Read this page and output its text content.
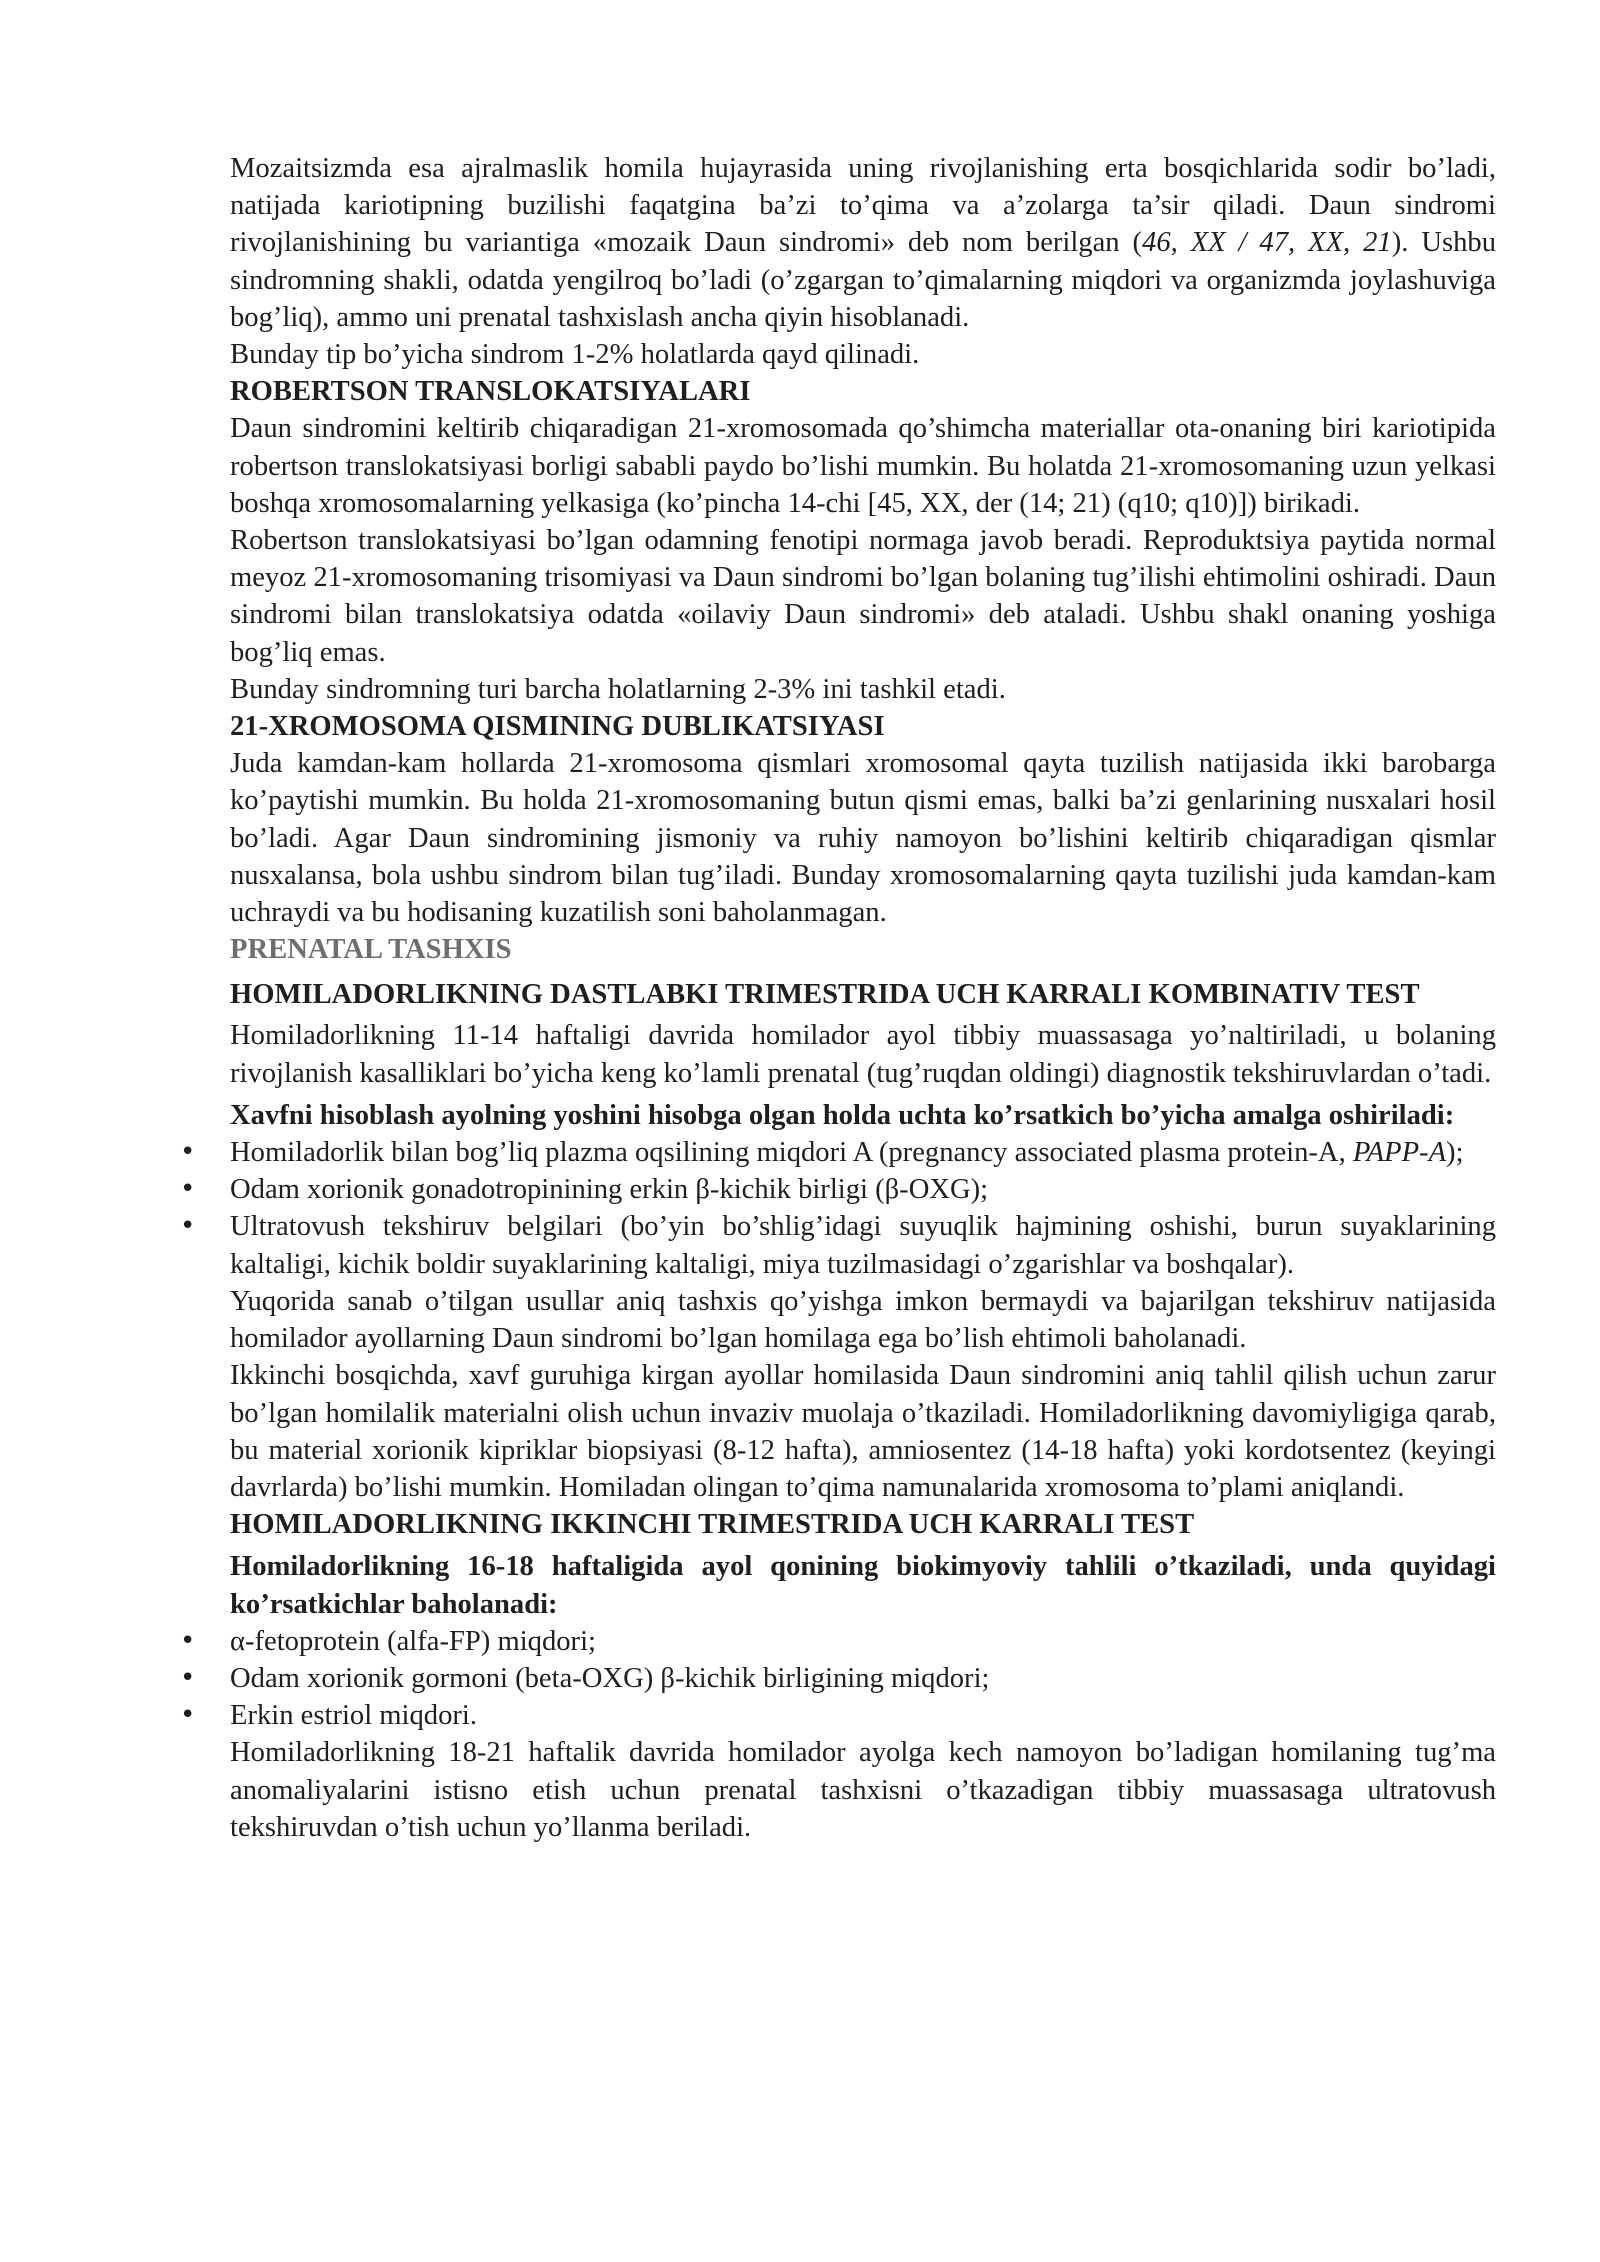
Mozaitsizmda esa ajralmaslik homila hujayrasida uning rivojlanishing erta bosqichlarida sodir bo’ladi, natijada kariotipning buzilishi faqatgina ba’zi to’qima va a’zolarga ta’sir qiladi. Daun sindromi rivojlanishining bu variantiga «mozaik Daun sindromi» deb nom berilgan (46, XX / 47, XX, 21). Ushbu sindromning shakli, odatda yengilroq bo’ladi (o’zgargan to’qimalarning miqdori va organizmda joylashuviga bog’liq), ammo uni prenatal tashxislash ancha qiyin hisoblanadi.

Bunday tip bo’yicha sindrom 1-2% holatlarda qayd qilinadi.

ROBERTSON TRANSLOKATSIYALARI

Daun sindromini keltirib chiqaradigan 21-xromosomada qo’shimcha materiallar ota-onaning biri kariotipida robertson translokatsiyasi borligi sababli paydo bo’lishi mumkin. Bu holatda 21-xromosomaning uzun yelkasi boshqa xromosomalarning yelkasiga (ko’pincha 14-chi [45, XX, der (14; 21) (q10; q10)]) birikadi.

Robertson translokatsiyasi bo’lgan odamning fenotipi normaga javob beradi. Reproduktsiya paytida normal meyoz 21-xromosomaning trisomiyasi va Daun sindromi bo’lgan bolaning tug’ilishi ehtimolini oshiradi. Daun sindromi bilan translokatsiya odatda «oilaviy Daun sindromi» deb ataladi. Ushbu shakl onaning yoshiga bog’liq emas.

Bunday sindromning turi barcha holatlarning 2-3% ini tashkil etadi.

21-XROMOSOMA QISMINING DUBLIKATSIYASI

Juda kamdan-kam hollarda 21-xromosoma qismlari xromosomal qayta tuzilish natijasida ikki barobarga ko’paytishi mumkin. Bu holda 21-xromosomaning butun qismi emas, balki ba’zi genlarining nusxalari hosil bo’ladi. Agar Daun sindromining jismoniy va ruhiy namoyon bo’lishini keltirib chiqaradigan qismlar nusxalansa, bola ushbu sindrom bilan tug’iladi. Bunday xromosomalarning qayta tuzilishi juda kamdan-kam uchraydi va bu hodisaning kuzatilish soni baholanmagan.

PRENATAL TASHXIS

HOMILADORLIKNING DASTLABKI TRIMESTRIDA UCH KARRALI KOMBINATIV TEST

Homiladorlikning 11-14 haftaligi davrida homilador ayol tibbiy muassasaga yo’naltiriladi, u bolaning rivojlanish kasalliklari bo’yicha keng ko’lamli prenatal (tug’ruqdan oldingi) diagnostik tekshiruvlardan o’tadi.

Xavfni hisoblash ayolning yoshini hisobga olgan holda uchta ko’rsatkich bo’yicha amalga oshiriladi:

• Homiladorlik bilan bog’liq plazma oqsilining miqdori A (pregnancy associated plasma protein-A, PAPP-A);
• Odam xorionik gonadotropinining erkin β-kichik birligi (β-OXG);
• Ultratovush tekshiruv belgilari (bo’yin bo’shlig’idagi suyuqlik hajmining oshishi, burun suyaklarining kaltaligi, kichik boldir suyaklarining kaltaligi, miya tuzilmasidagi o’zgarishlar va boshqalar).

Yuqorida sanab o’tilgan usullar aniq tashxis qo’yishga imkon bermaydi va bajarilgan tekshiruv natijasida homilador ayollarning Daun sindromi bo’lgan homilaga ega bo’lish ehtimoli baholanadi.

Ikkinchi bosqichda, xavf guruhiga kirgan ayollar homilasida Daun sindromini aniq tahlil qilish uchun zarur bo’lgan homilalik materialni olish uchun invaziv muolaja o’tkaziladi. Homiladorlikning davomiyligiga qarab, bu material xorionik kipriklar biopsiyasi (8-12 hafta), amniosentez (14-18 hafta) yoki kordotsentez (keyingi davrlarda) bo’lishi mumkin. Homiladan olingan to’qima namunalarida xromosoma to’plami aniqlandi.

HOMILADORLIKNING IKKINCHI TRIMESTRIDA UCH KARRALI TEST

Homiladorlikning 16-18 haftaligida ayol qonining biokimyoviy tahlili o’tkaziladi, unda quyidagi ko’rsatkichlar baholanadi:

• α-fetoprotein (alfa-FP) miqdori;
• Odam xorionik gormoni (beta-OXG) β-kichik birligining miqdori;
• Erkin estriol miqdori.

Homiladorlikning 18-21 haftalik davrida homilador ayolga kech namoyon bo’ladigan homilaning tug’ma anomaliyalarini istisno etish uchun prenatal tashxisni o’tkazadigan tibbiy muassasaga ultratovush tekshiruvdan o’tish uchun yo’llanma beriladi.
